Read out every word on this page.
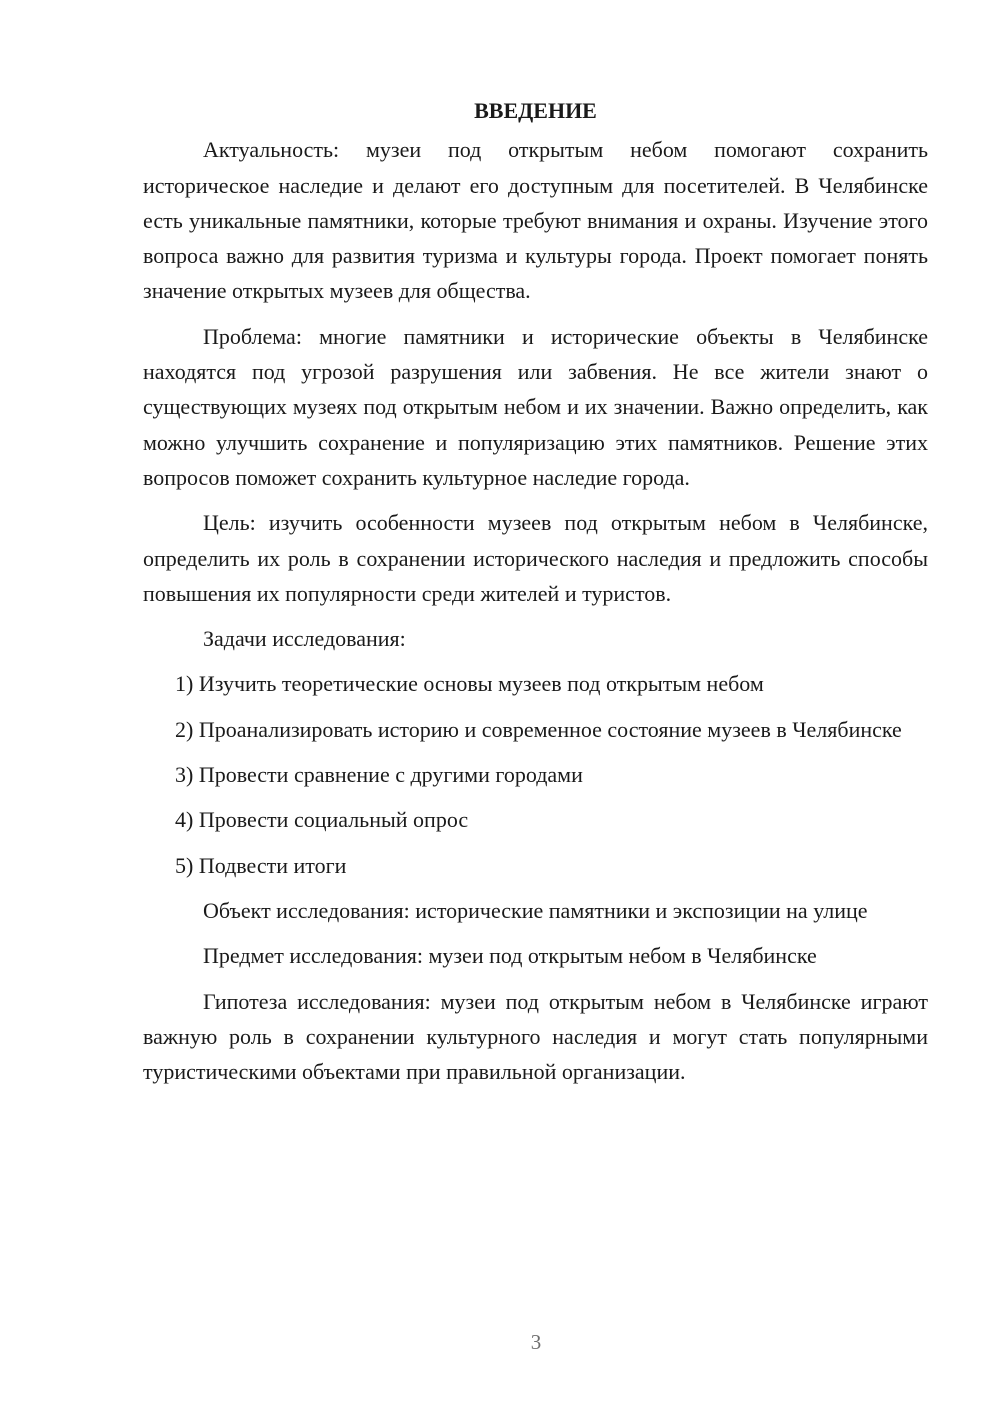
ВВЕДЕНИЕ

Актуальность: музеи под открытым небом помогают сохранить историческое наследие и делают его доступным для посетителей. В Челябинске есть уникальные памятники, которые требуют внимания и охраны. Изучение этого вопроса важно для развития туризма и культуры города. Проект помогает понять значение открытых музеев для общества.

Проблема: многие памятники и исторические объекты в Челябинске находятся под угрозой разрушения или забвения. Не все жители знают о существующих музеях под открытым небом и их значении. Важно определить, как можно улучшить сохранение и популяризацию этих памятников. Решение этих вопросов поможет сохранить культурное наследие города.

Цель: изучить особенности музеев под открытым небом в Челябинске, определить их роль в сохранении исторического наследия и предложить способы повышения их популярности среди жителей и туристов.

Задачи исследования:

1) Изучить теоретические основы музеев под открытым небом

2) Проанализировать историю и современное состояние музеев в Челябинске

3) Провести сравнение с другими городами

4) Провести социальный опрос

5) Подвести итоги

Объект исследования: исторические памятники и экспозиции на улице

Предмет исследования: музеи под открытым небом в Челябинске

Гипотеза исследования: музеи под открытым небом в Челябинске играют важную роль в сохранении культурного наследия и могут стать популярными туристическими объектами при правильной организации.

3
